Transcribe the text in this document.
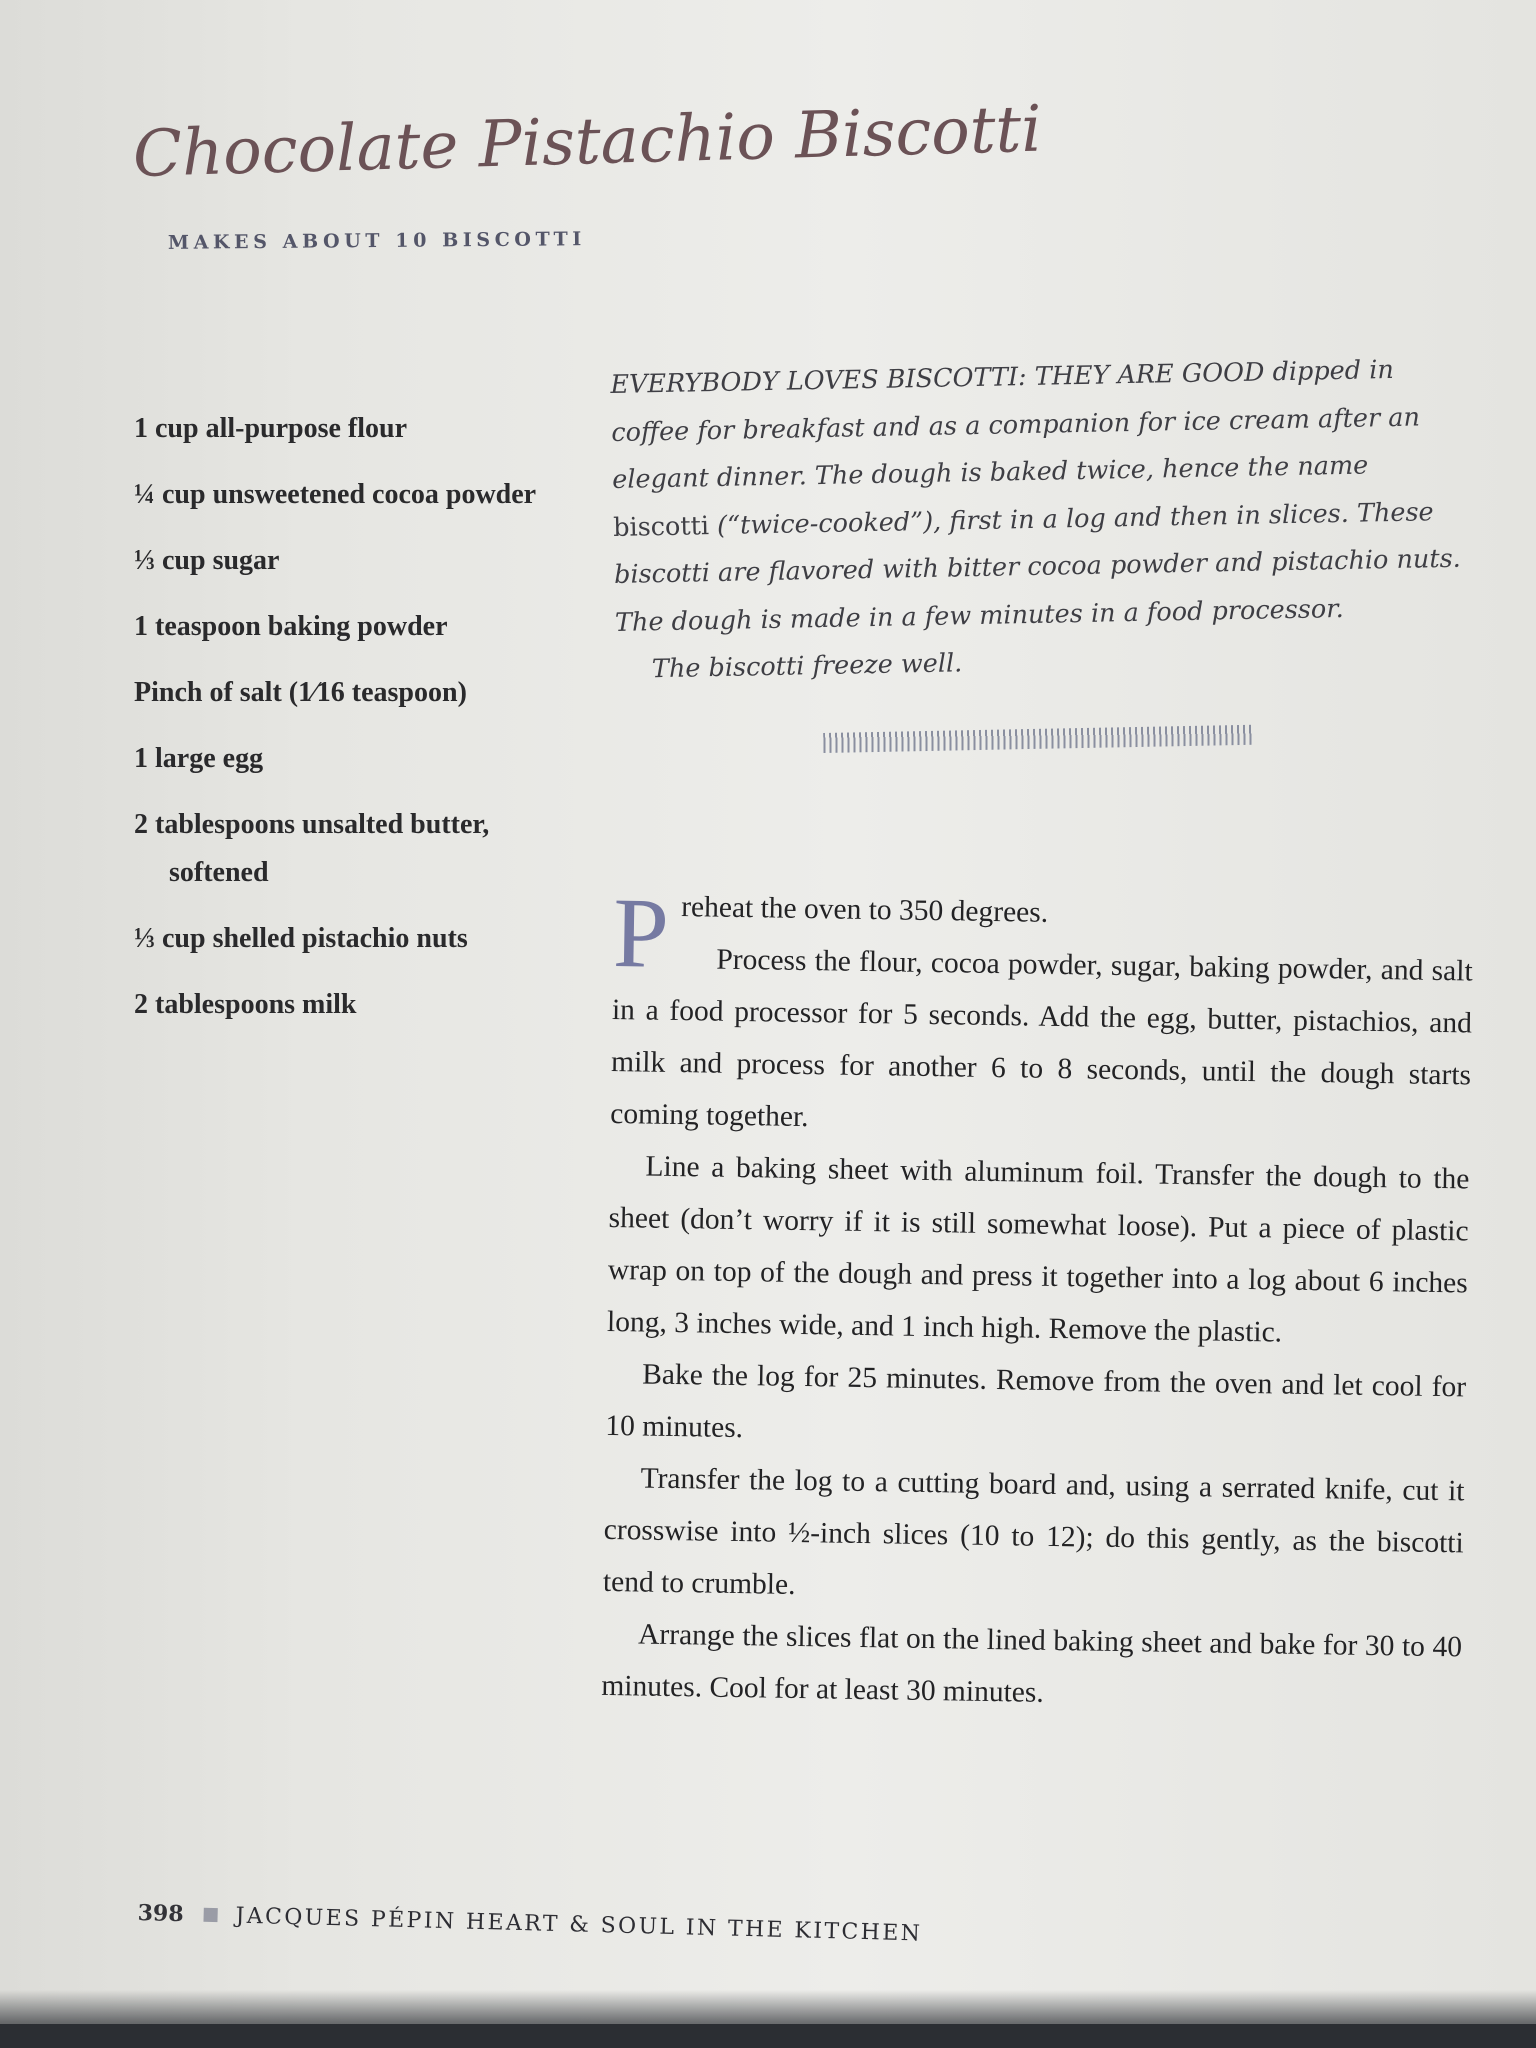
Chocolate Pistachio Biscotti
MAKES ABOUT 10 BISCOTTI
1 cup all-purpose flour
¼ cup unsweetened cocoa powder
⅓ cup sugar
1 teaspoon baking powder
Pinch of salt (1⁄16 teaspoon)
1 large egg
2 tablespoons unsalted butter, softened
⅓ cup shelled pistachio nuts
2 tablespoons milk

EVERYBODY LOVES BISCOTTI: THEY ARE GOOD dipped in coffee for breakfast and as a companion for ice cream after an elegant dinner. The dough is baked twice, hence the name biscotti (“twice-cooked”), first in a log and then in slices. These biscotti are flavored with bitter cocoa powder and pistachio nuts. The dough is made in a few minutes in a food processor.

The biscotti freeze well.

Preheat the oven to 350 degrees.

Process the flour, cocoa powder, sugar, baking powder, and salt in a food processor for 5 seconds. Add the egg, butter, pistachios, and milk and process for another 6 to 8 seconds, until the dough starts coming together.

Line a baking sheet with aluminum foil. Transfer the dough to the sheet (don’t worry if it is still somewhat loose). Put a piece of plastic wrap on top of the dough and press it together into a log about 6 inches long, 3 inches wide, and 1 inch high. Remove the plastic.

Bake the log for 25 minutes. Remove from the oven and let cool for 10 minutes.

Transfer the log to a cutting board and, using a serrated knife, cut it crosswise into ½-inch slices (10 to 12); do this gently, as the biscotti tend to crumble.

Arrange the slices flat on the lined baking sheet and bake for 30 to 40 minutes. Cool for at least 30 minutes.

398 JACQUES PÉPIN HEART & SOUL IN THE KITCHEN
